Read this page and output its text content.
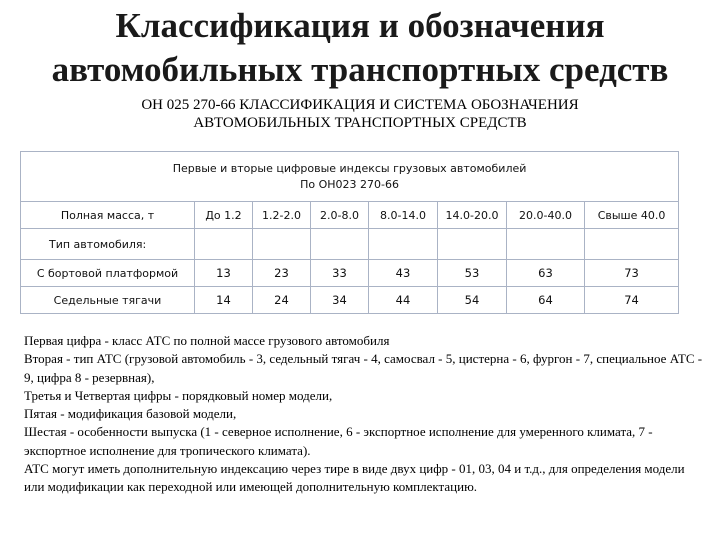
Классификация и обозначения
автомобильных транспортных средств
ОН 025 270-66 КЛАССИФИКАЦИЯ И СИСТЕМА ОБОЗНАЧЕНИЯ
АВТОМОБИЛЬНЫХ ТРАНСПОРТНЫХ СРЕДСТВ
Первые и вторые цифровые индексы грузовых автомобилей
По ОН023 270-66							

Полная масса, т	До 1.2	1.2-2.0	2.0-8.0	8.0-14.0	14.0-20.0	20.0-40.0	Свыше 40.0
Тип автомобиля:							
С бортовой платформой	13	23	33	43	53	63	73
Седельные тягачи	14	24	34	44	54	64	74

Первая цифра - класс АТС по полной массе грузового автомобиля

Вторая - тип АТС (грузовой автомобиль - 3, седельный тягач - 4, самосвал - 5, цистерна - 6, фургон - 7, специальное АТС - 9, цифра 8 - резервная),

Третья и Четвертая цифры - порядковый номер модели,

Пятая - модификация базовой модели,

Шестая - особенности выпуска (1 - северное исполнение, 6 - экспортное исполнение для умеренного климата, 7 - экспортное исполнение для тропического климата).

АТС могут иметь дополнительную индексацию через тире в виде двух цифр - 01, 03, 04 и т.д., для определения модели или модификации как переходной или имеющей дополнительную комплектацию.
